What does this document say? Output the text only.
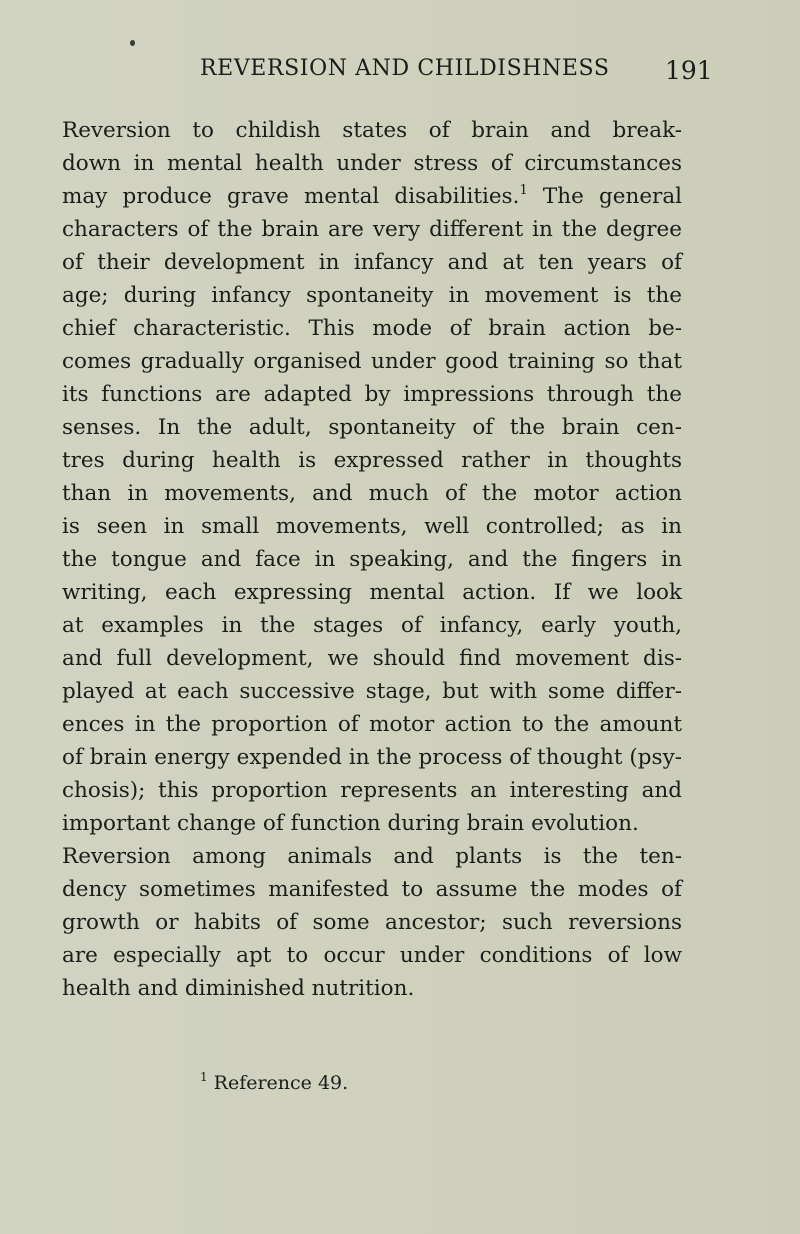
REVERSION AND CHILDISHNESS 191
Reversion to childish states of brain and break-
down in mental health under stress of circumstances
may produce grave mental disabilities.$^1$ The general
characters of the brain are very different in the degree
of their development in infancy and at ten years of
age; during infancy spontaneity in movement is the
chief characteristic. This mode of brain action be-
comes gradually organised under good training so that
its functions are adapted by impressions through the
senses. In the adult, spontaneity of the brain cen-
tres during health is expressed rather in thoughts
than in movements, and much of the motor action
is seen in small movements, well controlled; as in
the tongue and face in speaking, and the fingers in
writing, each expressing mental action. If we look
at examples in the stages of infancy, early youth,
and full development, we should find movement dis-
played at each successive stage, but with some differ-
ences in the proportion of motor action to the amount
of brain energy expended in the process of thought (psy-
chosis); this proportion represents an interesting and
important change of function during brain evolution.
Reversion among animals and plants is the ten-
dency sometimes manifested to assume the modes of
growth or habits of some ancestor; such reversions
are especially apt to occur under conditions of low
health and diminished nutrition.
$^1$ Reference 49.
